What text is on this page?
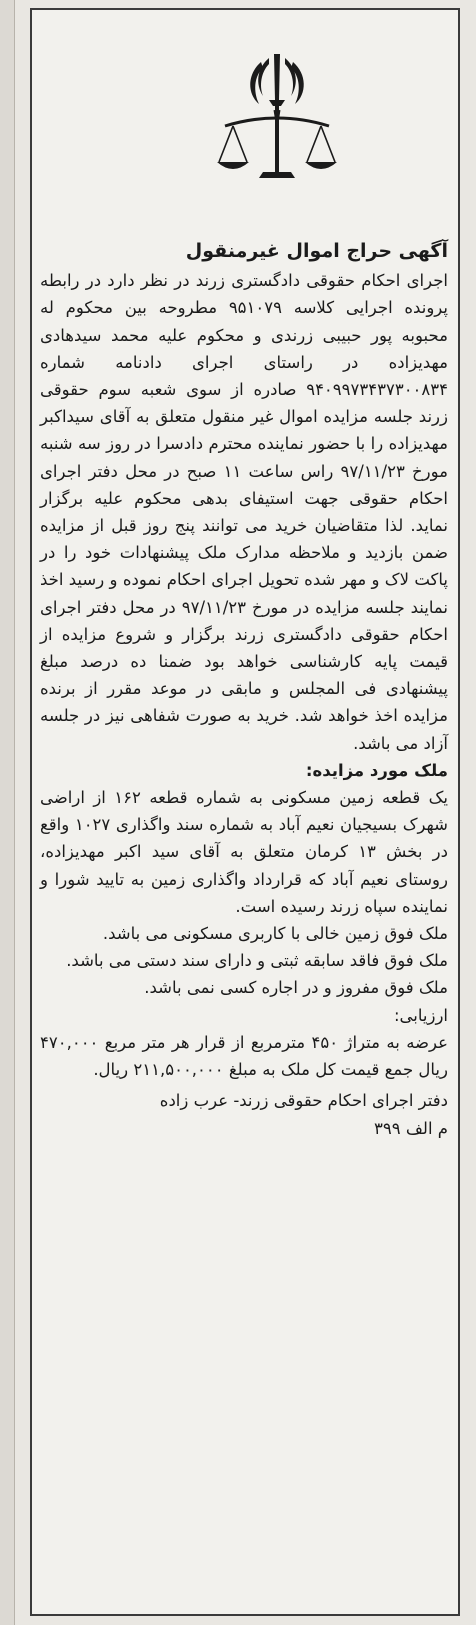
آگهی حراج اموال غیرمنقول

اجرای احکام حقوقی دادگستری زرند در نظر دارد در رابطه پرونده اجرایی کلاسه ۹۵۱۰۷۹ مطروحه بین محکوم له محبوبه پور حبیبی زرندی و محکوم علیه محمد سیدهادی مهدیزاده در راستای اجرای دادنامه شماره ۹۴۰۹۹۷۳۴۳۷۳۰۰۸۳۴ صادره از سوی شعبه سوم حقوقی زرند جلسه مزایده اموال غیر منقول متعلق به آقای سیداکبر مهدیزاده را با حضور نماینده محترم دادسرا در روز سه شنبه مورخ ۹۷/۱۱/۲۳ راس ساعت ۱۱ صبح در محل دفتر اجرای احکام حقوقی جهت استیفای بدهی محکوم علیه برگزار نماید. لذا متقاضیان خرید می توانند پنج روز قبل از مزایده ضمن بازدید و ملاحظه مدارک ملک پیشنهادات خود را در پاکت لاک و مهر شده تحویل اجرای احکام نموده و رسید اخذ نمایند جلسه مزایده در مورخ ۹۷/۱۱/۲۳ در محل دفتر اجرای احکام حقوقی دادگستری زرند برگزار و شروع مزایده از قیمت پایه کارشناسی خواهد بود ضمنا ده درصد مبلغ پیشنهادی فی المجلس و مابقی در موعد مقرر از برنده مزایده اخذ خواهد شد. خرید به صورت شفاهی نیز در جلسه آزاد می باشد.

ملک مورد مزایده:

یک قطعه زمین مسکونی به شماره قطعه ۱۶۲ از اراضی شهرک بسیجیان نعیم آباد به شماره سند واگذاری ۱۰۲۷ واقع در بخش ۱۳ کرمان متعلق به آقای سید اکبر مهدیزاده، روستای نعیم آباد که قرارداد واگذاری زمین به تایید شورا و نماینده سپاه زرند رسیده است.

ملک فوق زمین خالی با کاربری مسکونی می باشد.

ملک فوق فاقد سابقه ثبتی و دارای سند دستی می باشد.

ملک فوق مفروز و در اجاره کسی نمی باشد.

ارزیابی:

عرضه به متراژ ۴۵۰ مترمربع از قرار هر متر مربع ۴۷۰,۰۰۰ ریال جمع قیمت کل ملک به مبلغ ۲۱۱,۵۰۰,۰۰۰ ریال.

دفتر اجرای احکام حقوقی زرند- عرب زاده

م الف ۳۹۹
